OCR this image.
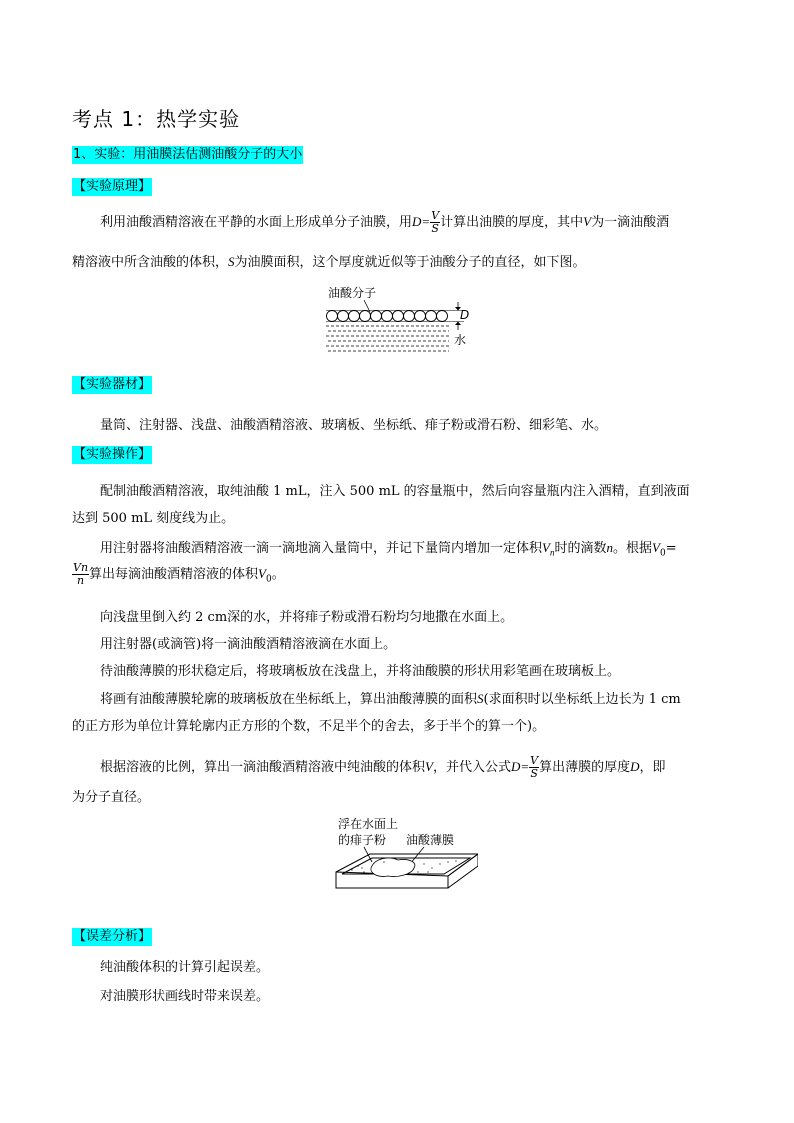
考点 1：热学实验
1、实验：用油膜法估测油酸分子的大小
【实验原理】
利用油酸酒精溶液在平静的水面上形成单分子油膜，用$D= \frac{V}{S}$ 计算出油膜的厚度，其中V为一滴油酸酒
精溶液中所含油酸的体积，S为油膜面积，这个厚度就近似等于油酸分子的直径，如下图。
油酸分子
D
水
【实验器材】
量筒、注射器、浅盘、油酸酒精溶液、玻璃板、坐标纸、痱子粉或滑石粉、细彩笔、水。
【实验操作】
配制油酸酒精溶液，取纯油酸 1 mL，注入 500 mL 的容量瓶中，然后向容量瓶内注入酒精，直到液面
达到 500 mL 刻度线为止。
用注射器将油酸酒精溶液一滴一滴地滴入量筒中，并记下量筒内增加一定体积$V_n$时的滴数n。根据$V_0=$
$\frac{Vn}{n}$ 算出每滴油酸酒精溶液的体积$V_0$。
向浅盘里倒入约 2 cm深的水，并将痱子粉或滑石粉均匀地撒在水面上。
用注射器(或滴管)将一滴油酸酒精溶液滴在水面上。
待油酸薄膜的形状稳定后，将玻璃板放在浅盘上，并将油酸膜的形状用彩笔画在玻璃板上。
将画有油酸薄膜轮廓的玻璃板放在坐标纸上，算出油酸薄膜的面积S(求面积时以坐标纸上边长为 1 cm
的正方形为单位计算轮廓内正方形的个数，不足半个的舍去，多于半个的算一个)。
根据溶液的比例，算出一滴油酸酒精溶液中纯油酸的体积V，并代入公式$D= \frac{V}{S}$ 算出薄膜的厚度D，即
为分子直径。
浮在水面上
的痱子粉 油酸薄膜
【误差分析】
纯油酸体积的计算引起误差。
对油膜形状画线时带来误差。
